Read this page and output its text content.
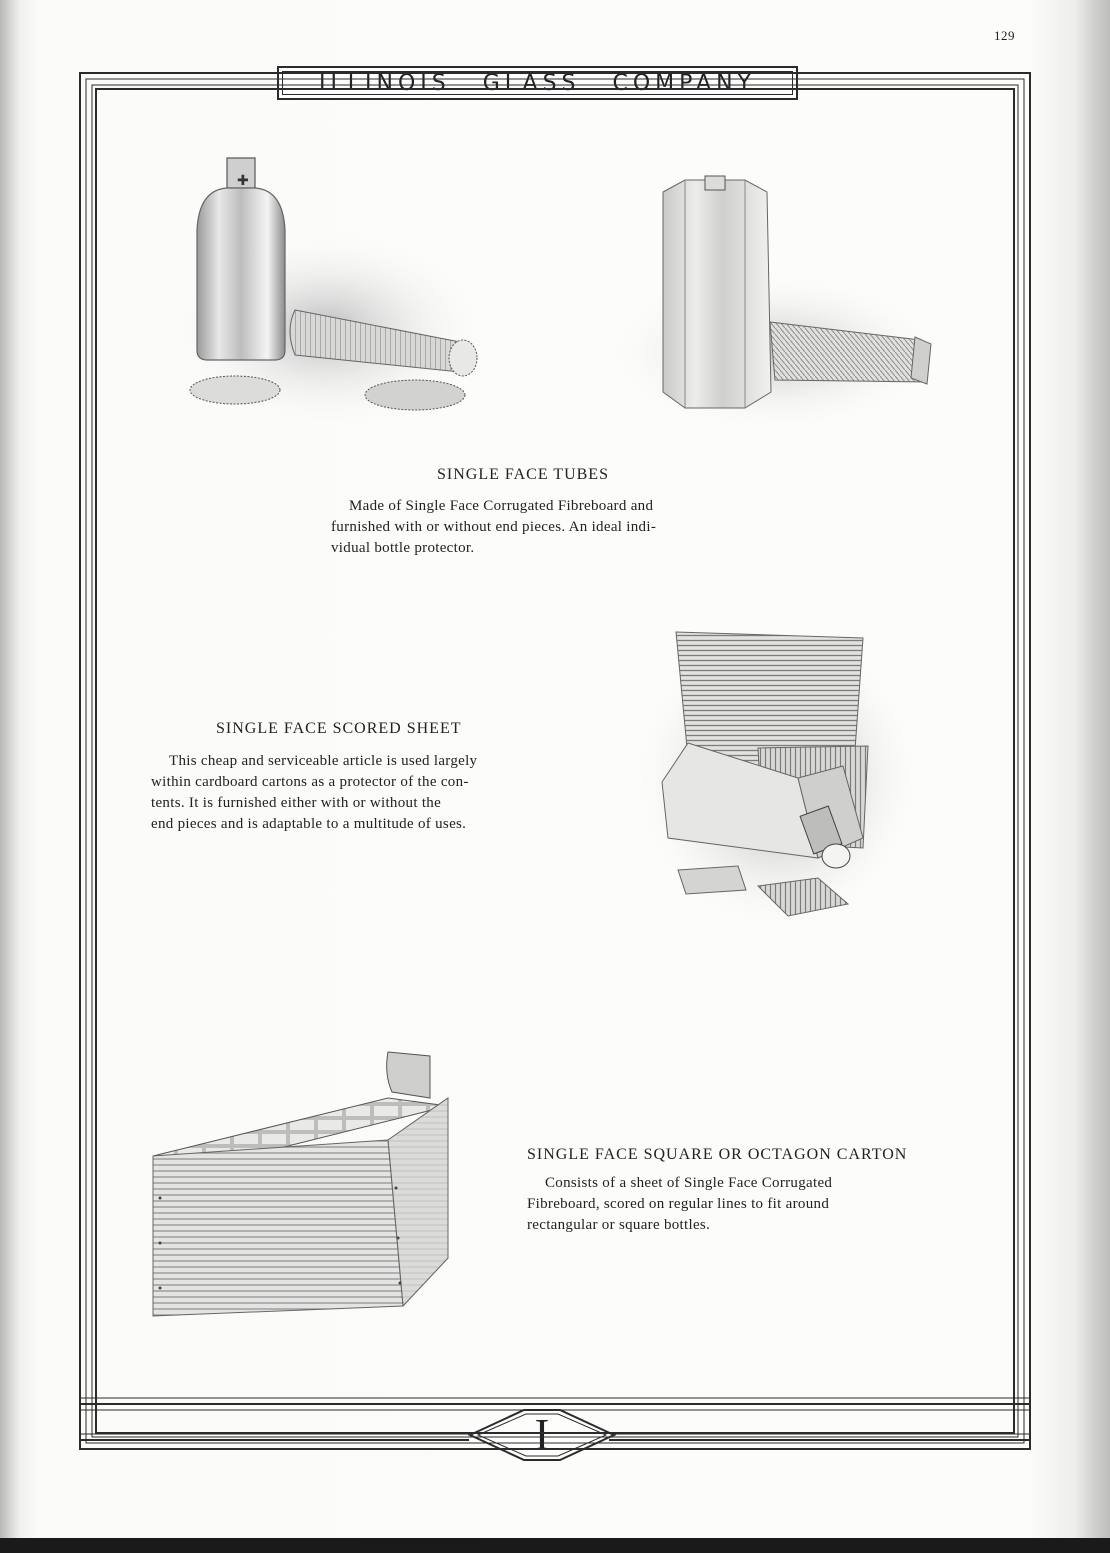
129
ILLINOIS GLASS COMPANY
✚
SINGLE FACE TUBES
Made of Single Face Corrugated Fibreboard and
furnished with or without end pieces. An ideal indi-
vidual bottle protector.
SINGLE FACE SCORED SHEET
This cheap and serviceable article is used largely
within cardboard cartons as a protector of the con-
tents. It is furnished either with or without the
end pieces and is adaptable to a multitude of uses.
SINGLE FACE SQUARE OR OCTAGON CARTON
Consists of a sheet of Single Face Corrugated
Fibreboard, scored on regular lines to fit around
rectangular or square bottles.
I
